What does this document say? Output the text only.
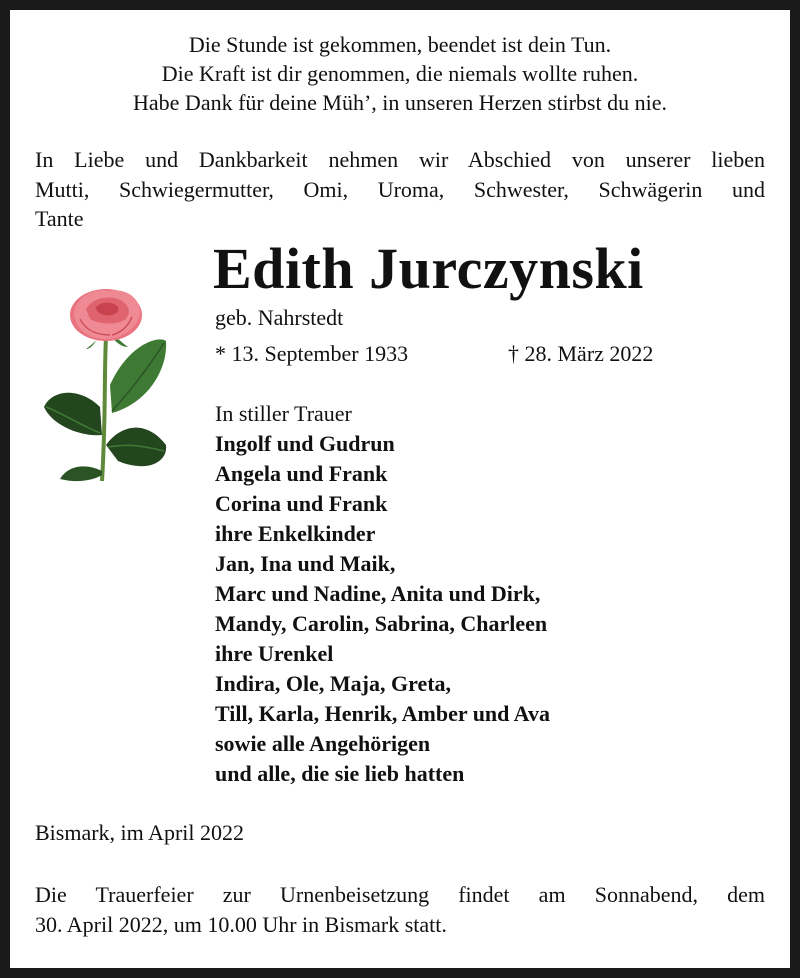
Die Stunde ist gekommen, beendet ist dein Tun.
Die Kraft ist dir genommen, die niemals wollte ruhen.
Habe Dank für deine Müh’, in unseren Herzen stirbst du nie.
In Liebe und Dankbarkeit nehmen wir Abschied von unserer lieben
Mutti, Schwiegermutter, Omi, Uroma, Schwester, Schwägerin und
Tante
Edith Jurczynski
geb. Nahrstedt
* 13. September 1933	† 28. März 2022
In stiller Trauer
Ingolf und Gudrun
Angela und Frank
Corina und Frank
ihre Enkelkinder
Jan, Ina und Maik,
Marc und Nadine, Anita und Dirk,
Mandy, Carolin, Sabrina, Charleen
ihre Urenkel
Indira, Ole, Maja, Greta,
Till, Karla, Henrik, Amber und Ava
sowie alle Angehörigen
und alle, die sie lieb hatten
Bismark, im April 2022
Die Trauerfeier zur Urnenbeisetzung findet am Sonnabend, dem
30. April 2022, um 10.00 Uhr in Bismark statt.
